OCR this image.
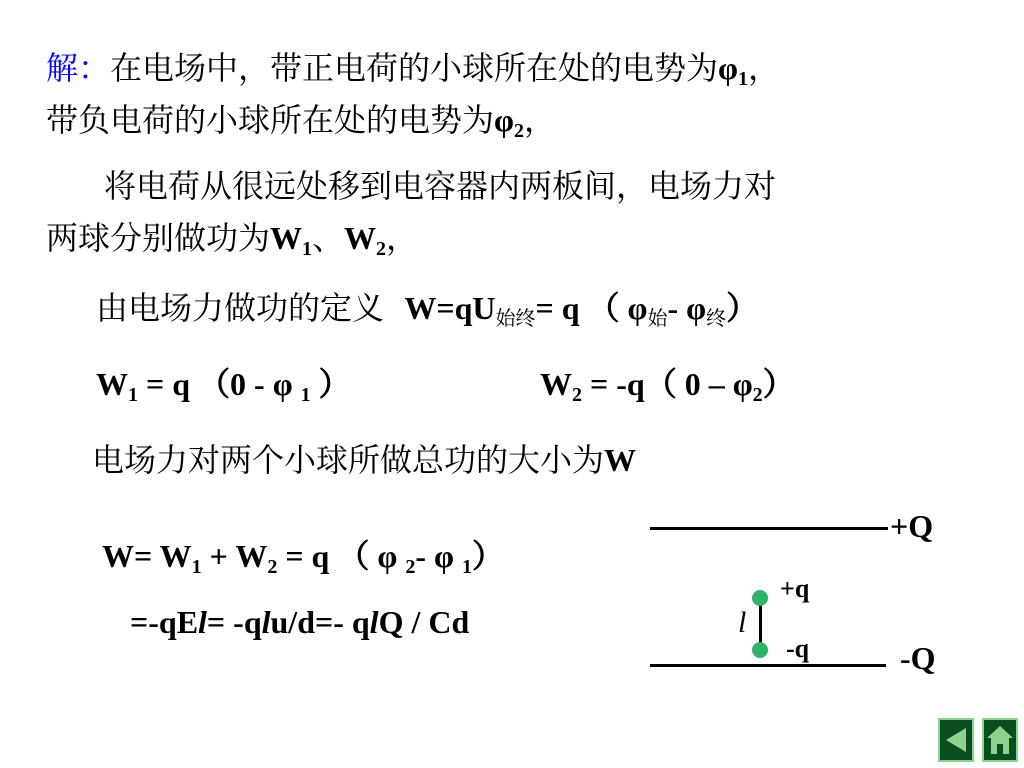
解：在电场中，带正电荷的小球所在处的电势为$\varphi_1$，
带负电荷的小球所在处的电势为$\varphi_2$，
将电荷从很远处移到电容器内两板间，电场力对
两球分别做功为$W_1$、$W_2$，
由电场力做功的定义 $W=qU_{始终}= q$ （ $\varphi_始-$ $\varphi_终$）
$W_1 = q$ （0 - φ $_1$ ）	$W_2 = -q$（ $0 - \varphi_2$）
电场力对两个小球所做总功的大小为W
$W= W_1 + W_2 = q$ （ φ $_2$- φ $_1$）
=-qEl= -qlu/d=- qlQ / Cd
+Q
-Q
+q
-q
l
